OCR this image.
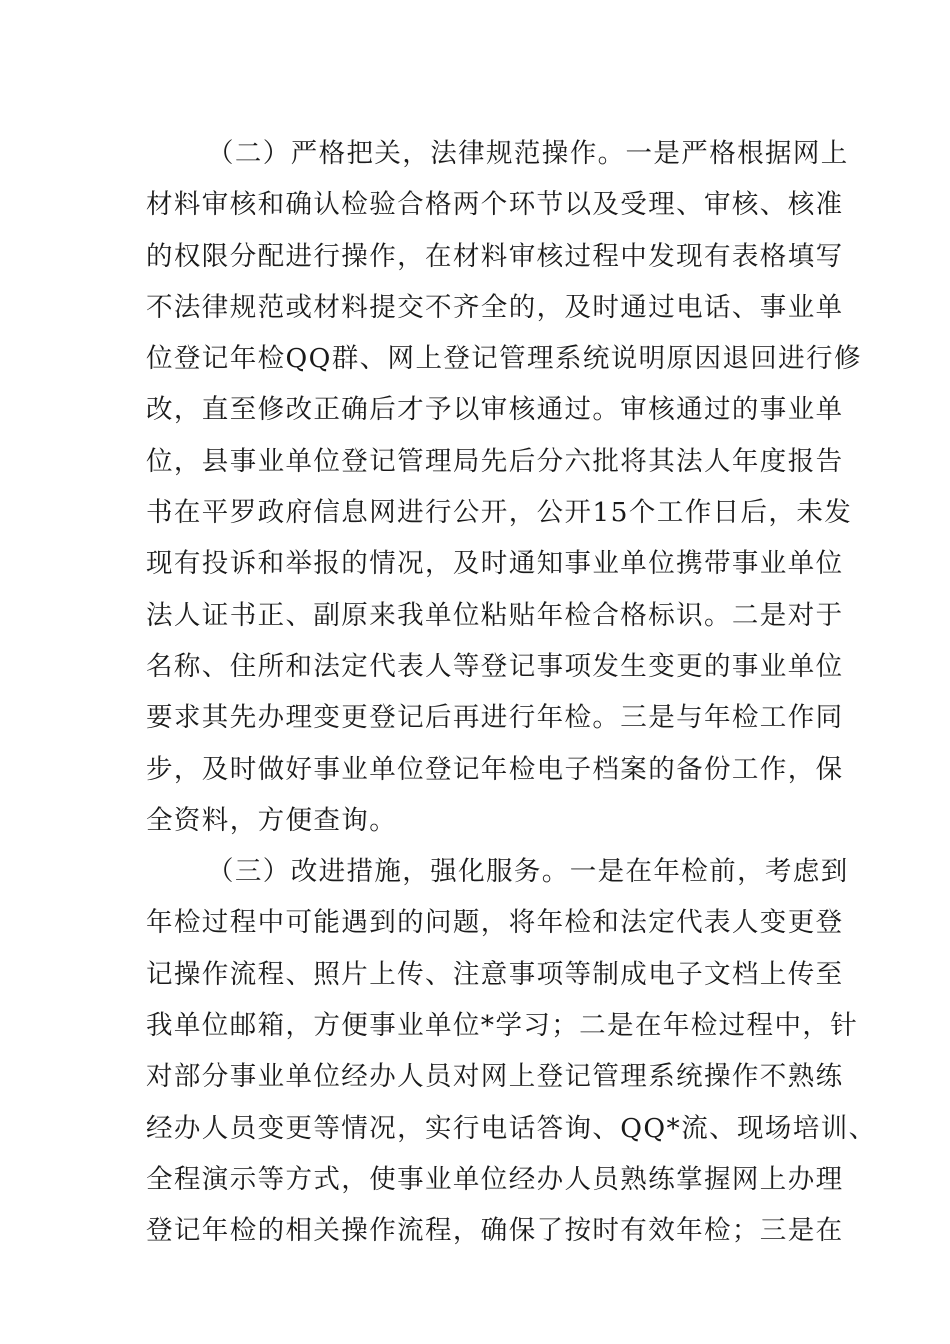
（二）严格把关，法律规范操作。一是严格根据网上
材料审核和确认检验合格两个环节以及受理、审核、核准
的权限分配进行操作，在材料审核过程中发现有表格填写
不法律规范或材料提交不齐全的，及时通过电话、事业单
位登记年检QQ群、网上登记管理系统说明原因退回进行修
改，直至修改正确后才予以审核通过。审核通过的事业单
位，县事业单位登记管理局先后分六批将其法人年度报告
书在平罗政府信息网进行公开，公开15个工作日后，未发
现有投诉和举报的情况，及时通知事业单位携带事业单位
法人证书正、副原来我单位粘贴年检合格标识。二是对于
名称、住所和法定代表人等登记事项发生变更的事业单位
要求其先办理变更登记后再进行年检。三是与年检工作同
步，及时做好事业单位登记年检电子档案的备份工作，保
全资料，方便查询。
（三）改进措施，强化服务。一是在年检前，考虑到
年检过程中可能遇到的问题，将年检和法定代表人变更登
记操作流程、照片上传、注意事项等制成电子文档上传至
我单位邮箱，方便事业单位*学习；二是在年检过程中，针
对部分事业单位经办人员对网上登记管理系统操作不熟练
经办人员变更等情况，实行电话答询、QQ*流、现场培训、
全程演示等方式，使事业单位经办人员熟练掌握网上办理
登记年检的相关操作流程，确保了按时有效年检；三是在
